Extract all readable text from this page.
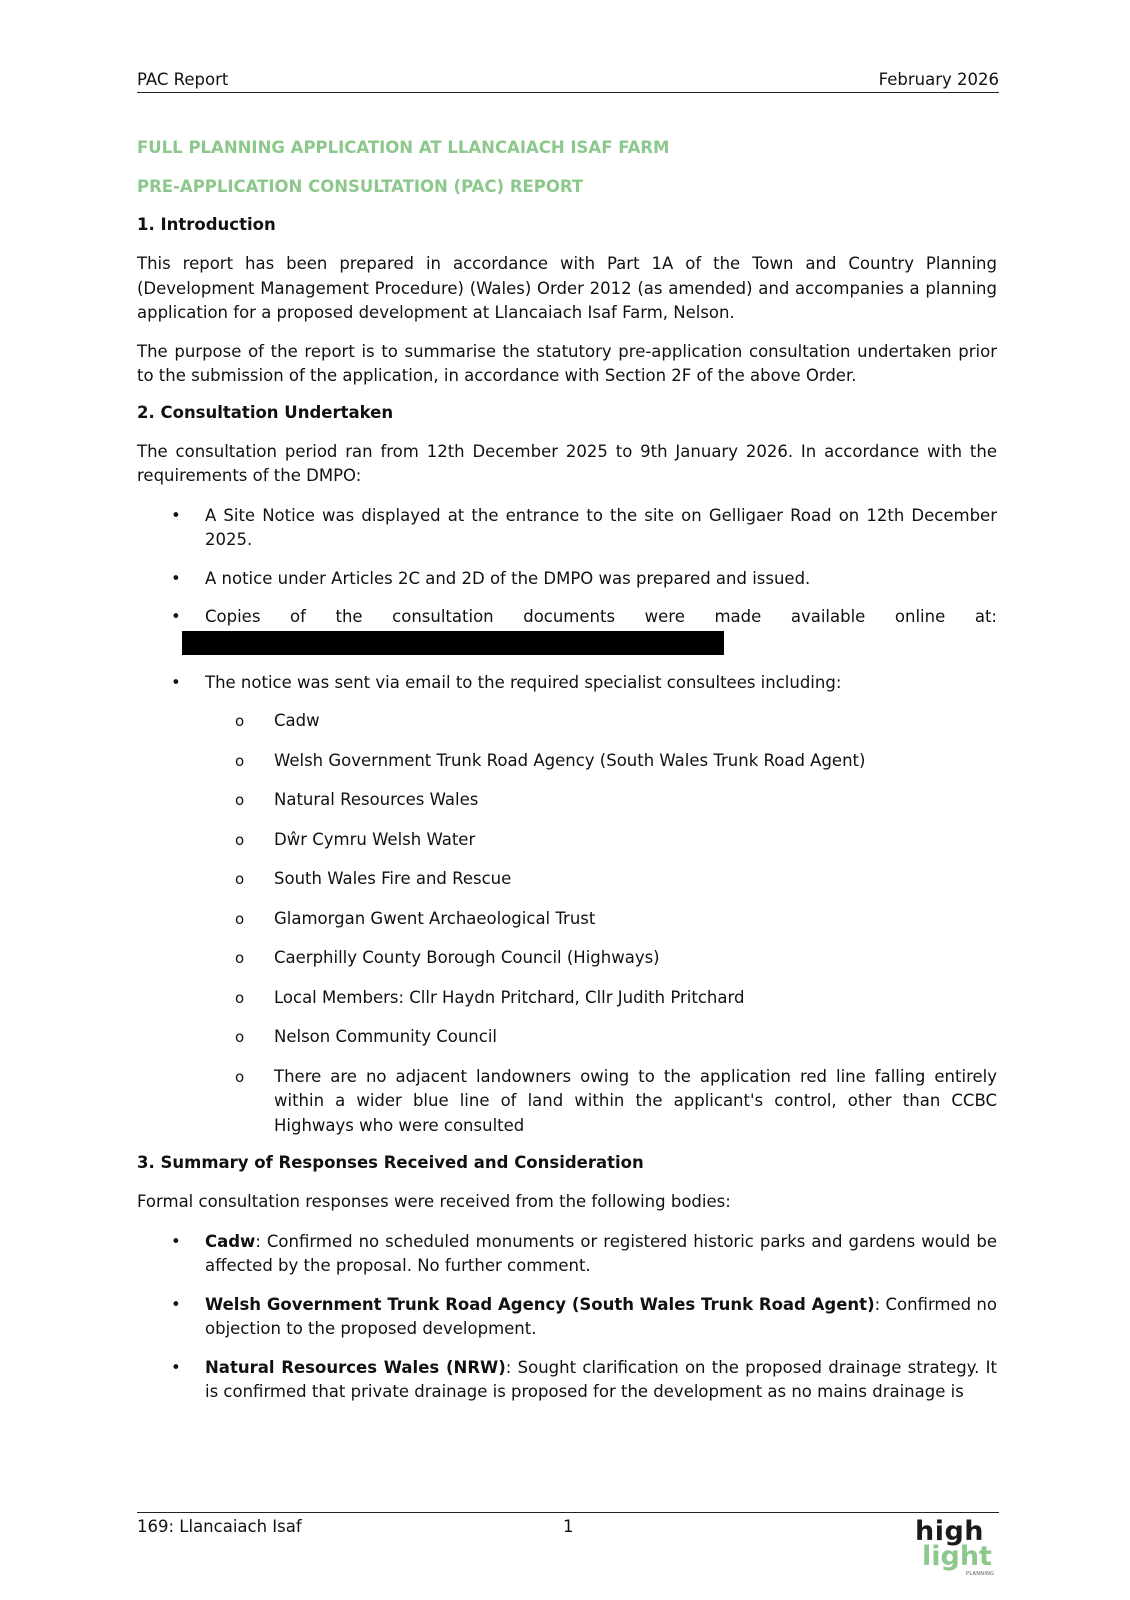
PAC Report	February 2026
FULL PLANNING APPLICATION AT LLANCAIACH ISAF FARM
PRE-APPLICATION CONSULTATION (PAC) REPORT
1. Introduction

This report has been prepared in accordance with Part 1A of the Town and Country Planning (Development Management Procedure) (Wales) Order 2012 (as amended) and accompanies a planning application for a proposed development at Llancaiach Isaf Farm, Nelson.

The purpose of the report is to summarise the statutory pre-application consultation undertaken prior to the submission of the application, in accordance with Section 2F of the above Order.

2. Consultation Undertaken

The consultation period ran from 12th December 2025 to 9th January 2026. In accordance with the requirements of the DMPO:

• A Site Notice was displayed at the entrance to the site on Gelligaer Road on 12th December 2025.
• A notice under Articles 2C and 2D of the DMPO was prepared and issued.
• Copies of the consultation documents were made available online at:
• The notice was sent via email to the required specialist consultees including:
o Cadw
o Welsh Government Trunk Road Agency (South Wales Trunk Road Agent)
o Natural Resources Wales
o Dŵr Cymru Welsh Water
o South Wales Fire and Rescue
o Glamorgan Gwent Archaeological Trust
o Caerphilly County Borough Council (Highways)
o Local Members: Cllr Haydn Pritchard, Cllr Judith Pritchard
o Nelson Community Council
o There are no adjacent landowners owing to the application red line falling entirely within a wider blue line of land within the applicant's control, other than CCBC Highways who were consulted
3. Summary of Responses Received and Consideration

Formal consultation responses were received from the following bodies:

• Cadw: Confirmed no scheduled monuments or registered historic parks and gardens would be affected by the proposal. No further comment.
• Welsh Government Trunk Road Agency (South Wales Trunk Road Agent): Confirmed no objection to the proposed development.
• Natural Resources Wales (NRW): Sought clarification on the proposed drainage strategy. It is confirmed that private drainage is proposed for the development as no mains drainage is
169: Llancaiach Isaf	1	high
light
PLANNING
